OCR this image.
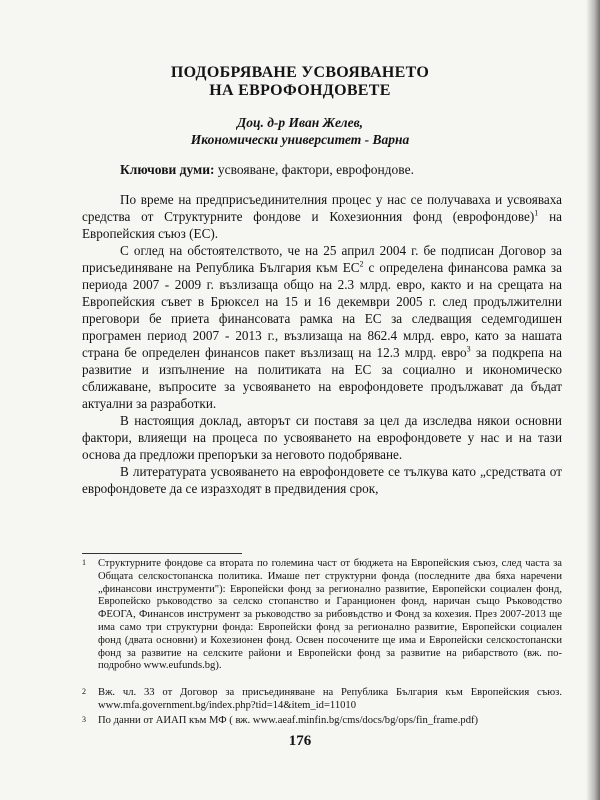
ПОДОБРЯВАНЕ УСВОЯВАНЕТО
НА ЕВРОФОНДОВЕТЕ
Доц. д-р Иван Желев,
Икономически университет - Варна
Ключови думи: усвояване, фактори, еврофондове.

По време на предприсъединителния процес у нас се получаваха и усвояваха средства от Структурните фондове и Кохезионния фонд (еврофондове)$^1$ на Европейския съюз (ЕС).

С оглед на обстоятелството, че на 25 април 2004 г. бе подписан Договор за присъединяване на Република България към $ЕС^2$ с определена финансова рамка за периода 2007 - 2009 г. възлизаща общо на 2.3 млрд. евро, както и на срещата на Европейския съвет в Брюксел на 15 и 16 декември 2005 г. след продължителни преговори бе приета финансовата рамка на ЕС за следващия седемгодишен програмен период 2007 - 2013 г., възлизаща на 862.4 млрд. евро, като за нашата страна бе определен финансов пакет възлизащ на 12.3 млрд. евро$^3$ за подкрепа на развитие и изпълнение на политиката на ЕС за социално и икономическо сближаване, въпросите за усвояването на еврофондовете продължават да бъдат актуални за разработки.

В настоящия доклад, авторът си поставя за цел да изследва някои основни фактори, влияещи на процеса по усвояването на еврофондовете у нас и на тази основа да предложи препоръки за неговото подобряване.

В литературата усвояването на еврофондовете се тълкува като „средствата от еврофондовете да се изразходят в предвидения срок,

1 Структурните фондове са втората по големина част от бюджета на Европейския съюз, след часта за Общата селскостопанска политика. Имаше пет структурни фонда (последните два бяха наречени „финансови инструменти"): Европейски фонд за регионално развитие, Европейски социален фонд, Европейско ръководство за селско стопанство и Гаранционен фонд, наричан също Ръководство ФЕОГА, Финансов инструмент за ръководство за рибовъдство и Фонд за кохезия. През 2007-2013 ще има само три структурни фонда: Европейски фонд за регионално развитие, Европейски социален фонд (двата основни) и Кохезионен фонд. Освен посочените ще има и Европейски селскостопански фонд за развитие на селските райони и Европейски фонд за развитие на рибарството (вж. по-подробно www.eufunds.bg).

2 Вж. чл. 33 от Договор за присъединяване на Република България към Европейския съюз. www.mfa.government.bg/index.php?tid=14&item_id=11010

3 По данни от АИАП към МФ ( вж. www.aeaf.minfin.bg/cms/docs/bg/ops/fin_frame.pdf)

176
